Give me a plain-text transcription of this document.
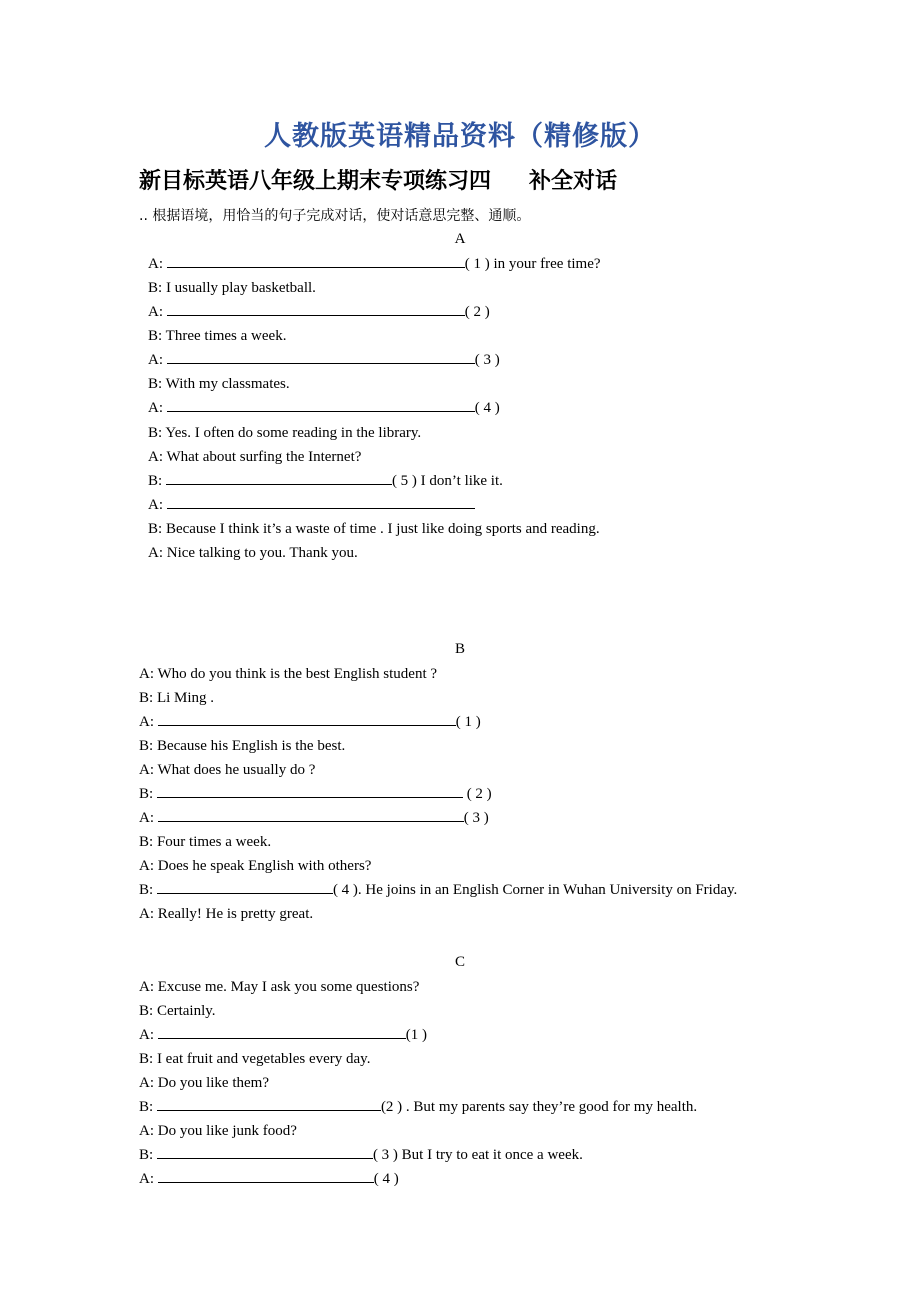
人教版英语精品资料（精修版）
新目标英语八年级上期末专项练习四 补全对话
.. 根据语境，用恰当的句子完成对话，使对话意思完整、通顺。
A
A:	( 1 ) in your free time?
B: I usually play basketball.
A:	( 2 )
B: Three times a week.
A:	( 3 )
B: With my classmates.
A:	( 4 )
B: Yes. I often do some reading in the library.
A: What about surfing the Internet?
B:	( 5 ) I don’t like it.
A:
B: Because I think it’s a waste of time . I just like doing sports and reading.
A: Nice talking to you. Thank you.
B
A: Who do you think is the best English student ?
B: Li Ming .
A:	( 1 )
B: Because his English is the best.
A: What does he usually do ?
B:	( 2 )
A:	( 3 )
B: Four times a week.
A: Does he speak English with others?
B:	( 4 ). He joins in an English Corner in Wuhan University on Friday.
A: Really! He is pretty great.
C
A: Excuse me. May I ask you some questions?
B: Certainly.
A:	(1 )
B: I eat fruit and vegetables every day.
A: Do you like them?
B:	(2 ) . But my parents say they’re good for my health.
A: Do you like junk food?
B:	( 3 ) But I try to eat it once a week.
A:	( 4 )
